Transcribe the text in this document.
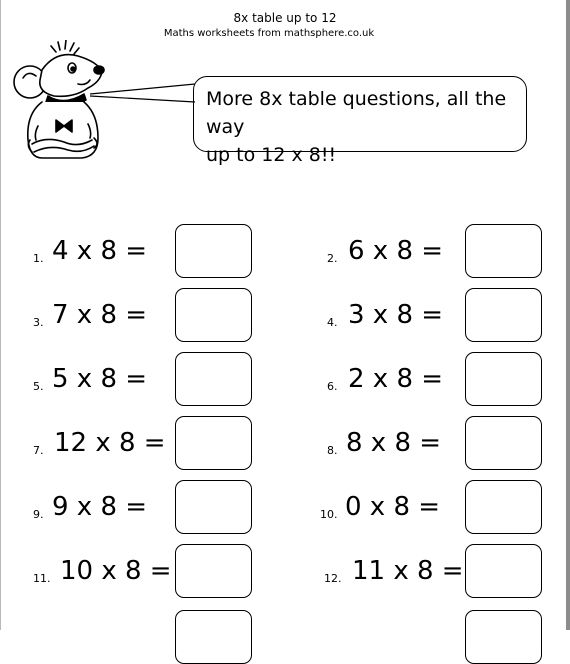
8x table up to 12
Maths worksheets from mathsphere.co.uk
More 8x table questions, all the way
up to 12 x 8!!
1. 4 x 8 =	2. 6 x 8 =
3. 7 x 8 =	4. 3 x 8 =
5. 5 x 8 =	6. 2 x 8 =
7. 12 x 8 =	8. 8 x 8 =
9. 9 x 8 =	10. 0 x 8 =
11. 10 x 8 =	12. 11 x 8 =
